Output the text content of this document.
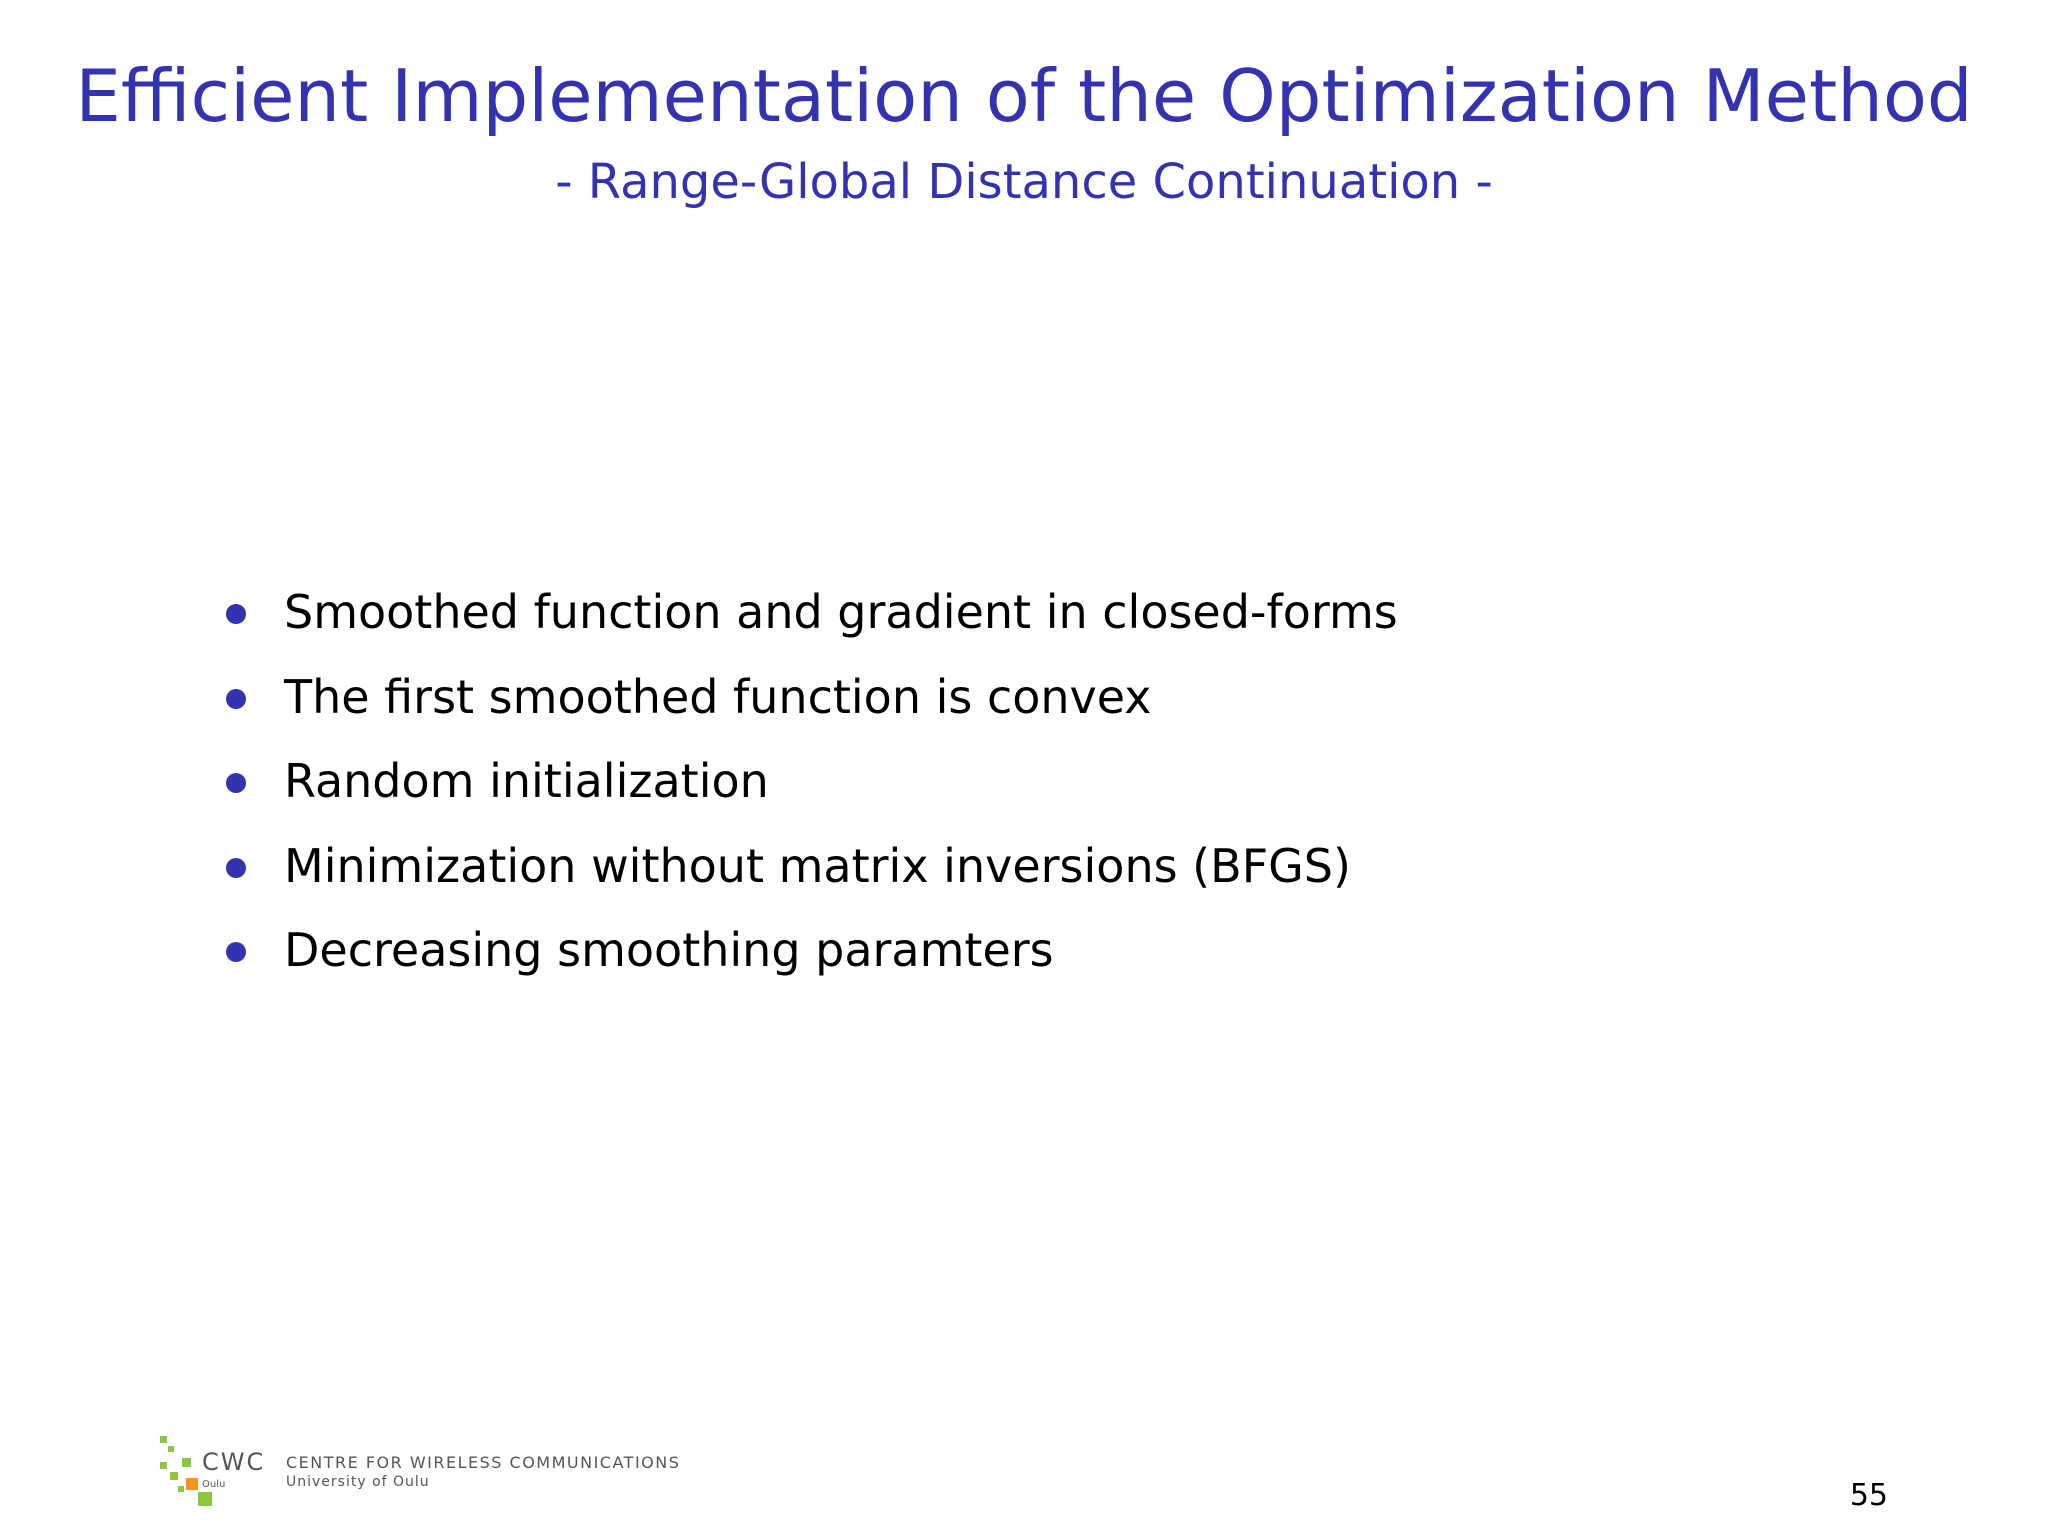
Efficient Implementation of the Optimization Method

- Range-Global Distance Continuation -

Smoothed function and gradient in closed-forms
The first smoothed function is convex
Random initialization
Minimization without matrix inversions (BFGS)
Decreasing smoothing paramters
CWC
Oulu
CENTRE FOR WIRELESS COMMUNICATIONS
University of Oulu	55
